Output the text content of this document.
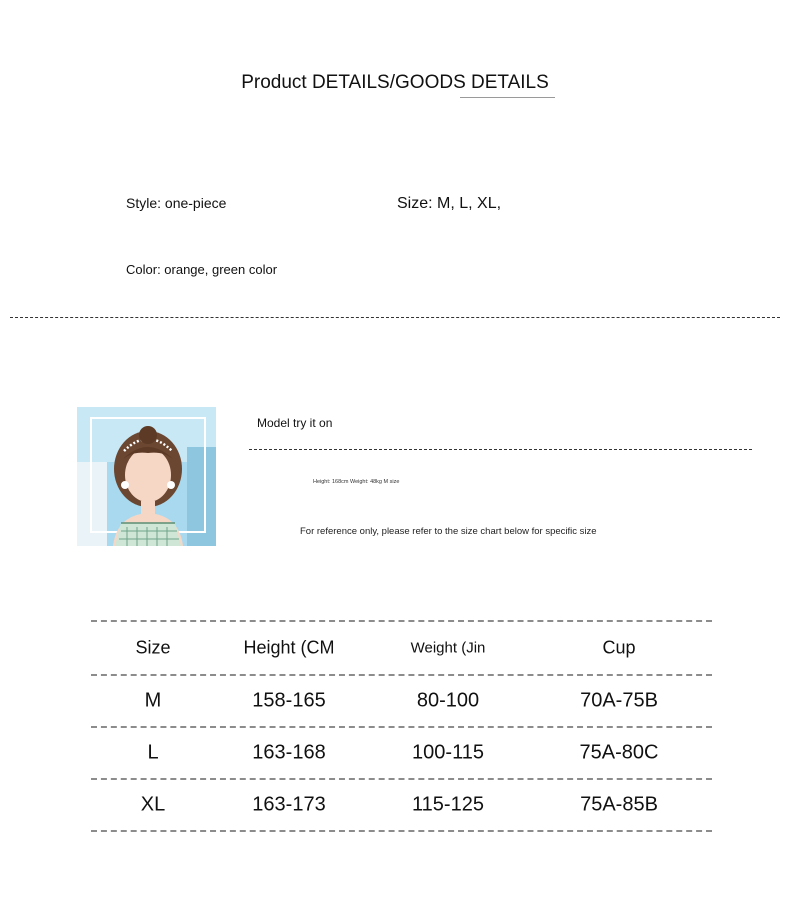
Product DETAILS/GOODS DETAILS
Style: one-piece	Size: M, L, XL,
Color: orange, green color
Model try it on
Height: 168cm Weight: 48kg M size
For reference only, please refer to the size chart below for specific size
Size	Height (CM	Weight (Jin	Cup
M	158-165	80-100	70A-75B
L	163-168	100-115	75A-80C
XL	163-173	115-125	75A-85B
